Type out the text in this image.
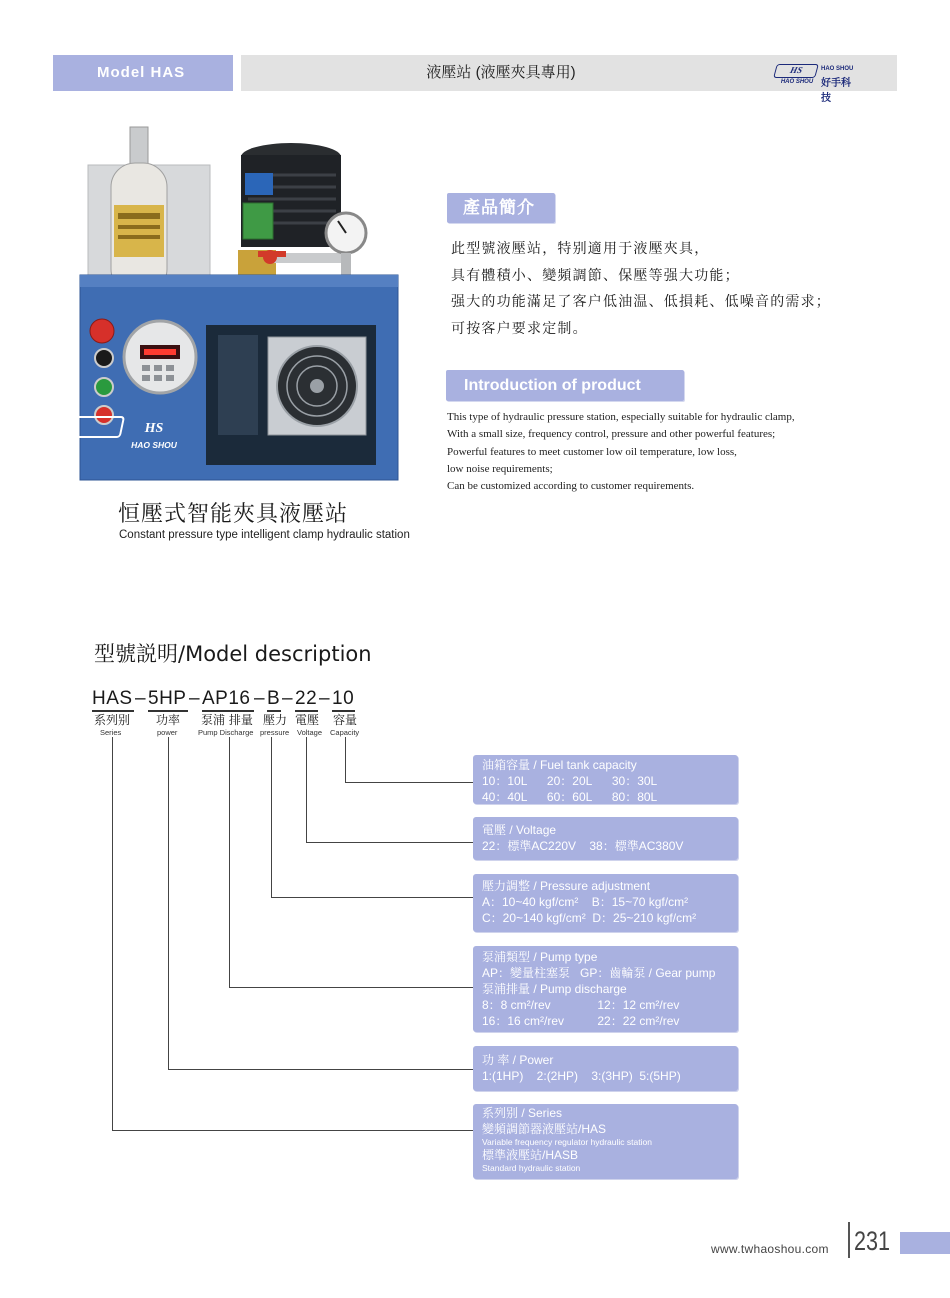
Model HAS	液壓站 (液壓夾具專用)	HS
HAO SHOU
HAO SHOU
好手科技
HS
HAO SHOU
恒壓式智能夾具液壓站
Constant pressure type intelligent clamp hydraulic station
產品簡介
此型號液壓站，特别適用于液壓夾具，
具有體積小、變頻調節、保壓等强大功能；
强大的功能滿足了客户低油温、低損耗、低噪音的需求；
可按客户要求定制。
Introduction of product
This type of hydraulic pressure station, especially suitable for hydraulic clamp,
With a small size, frequency control, pressure and other powerful features;
Powerful features to meet customer low oil temperature, low loss,
low noise requirements;
Can be customized according to customer requirements.
型號説明/Model description
HAS – 5HP – AP16 – B – 22 – 10
系列别
Series
功率
power
泵浦 排量
Pump Discharge
壓力
pressure
電壓
Voltage
容量
Capacity
油箱容量 / Fuel tank capacity
10：10L      20：20L      30：30L
40：40L      60：60L      80：80L
電壓 / Voltage
22：標準AC220V    38：標準AC380V
壓力調整 / Pressure adjustment
A：10~40 kgf/cm²    B：15~70 kgf/cm²
C：20~140 kgf/cm²  D：25~210 kgf/cm²
泵浦類型 / Pump type
AP：變量柱塞泵   GP：齒輪泵 / Gear pump
泵浦排量 / Pump discharge
8：8 cm²/rev              12：12 cm²/rev
16：16 cm²/rev          22：22 cm²/rev
功 率 / Power
1:(1HP)    2:(2HP)    3:(3HP)  5:(5HP)
系列别 / Series
變頻調節器液壓站/HAS
Variable frequency regulator hydraulic station
標準液壓站/HASB
Standard hydraulic station
www.twhaoshou.com 231
